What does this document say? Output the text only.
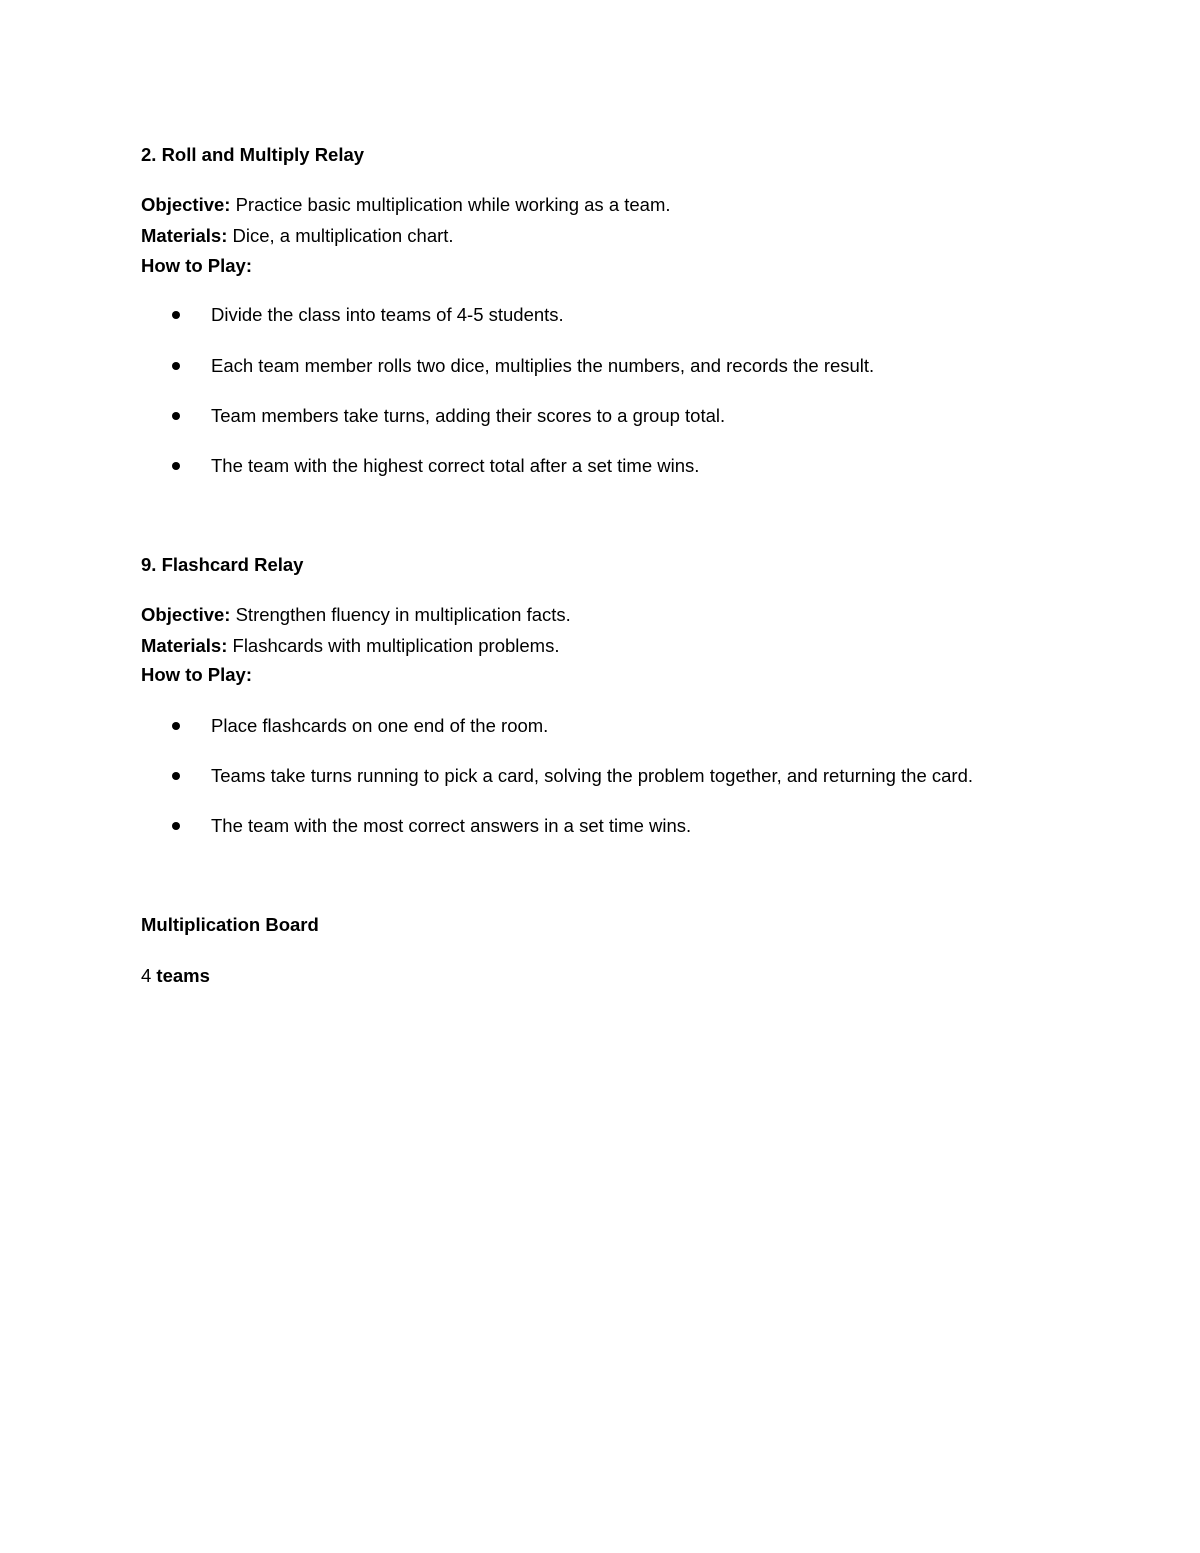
2. Roll and Multiply Relay
Objective: Practice basic multiplication while working as a team.
Materials: Dice, a multiplication chart.
How to Play:
Divide the class into teams of 4-5 students.
Each team member rolls two dice, multiplies the numbers, and records the result.
Team members take turns, adding their scores to a group total.
The team with the highest correct total after a set time wins.
9. Flashcard Relay
Objective: Strengthen fluency in multiplication facts.
Materials: Flashcards with multiplication problems.
How to Play:
Place flashcards on one end of the room.
Teams take turns running to pick a card, solving the problem together, and returning the card.
The team with the most correct answers in a set time wins.
Multiplication Board
4 teams
